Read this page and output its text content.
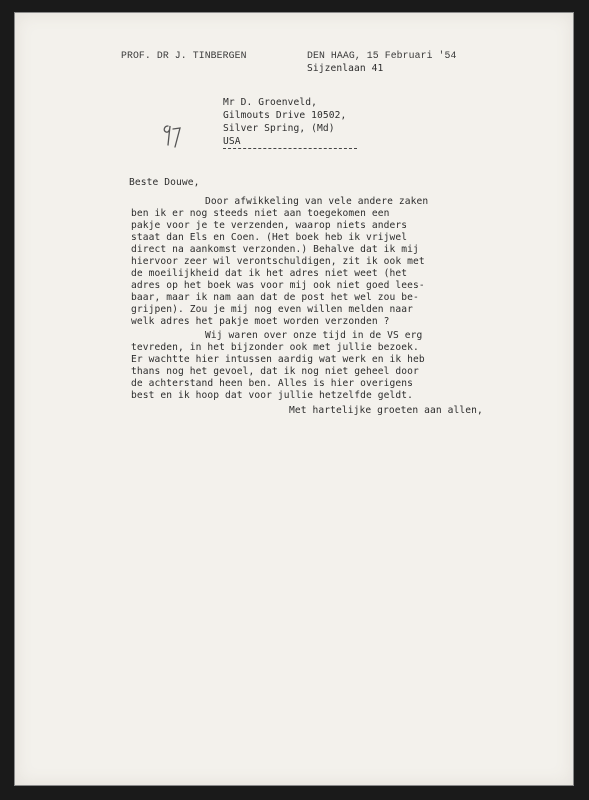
PROF. DR J. TINBERGEN	DEN HAAG, 15 Februari '54
Sijzenlaan 41
Mr D. Groenveld,
Gilmouts Drive 10502,
Silver Spring, (Md)
USA
Beste Douwe,
Door afwikkeling van vele andere zaken
ben ik er nog steeds niet aan toegekomen een
pakje voor je te verzenden, waarop niets anders
staat dan Els en Coen. (Het boek heb ik vrijwel
direct na aankomst verzonden.) Behalve dat ik mij
hiervoor zeer wil verontschuldigen, zit ik ook met
de moeilijkheid dat ik het adres niet weet (het
adres op het boek was voor mij ook niet goed lees-
baar, maar ik nam aan dat de post het wel zou be-
grijpen). Zou je mij nog even willen melden naar
welk adres het pakje moet worden verzonden ?
Wij waren over onze tijd in de VS erg
tevreden, in het bijzonder ook met jullie bezoek.
Er wachtte hier intussen aardig wat werk en ik heb
thans nog het gevoel, dat ik nog niet geheel door
de achterstand heen ben. Alles is hier overigens
best en ik hoop dat voor jullie hetzelfde geldt.
Met hartelijke groeten aan allen,
